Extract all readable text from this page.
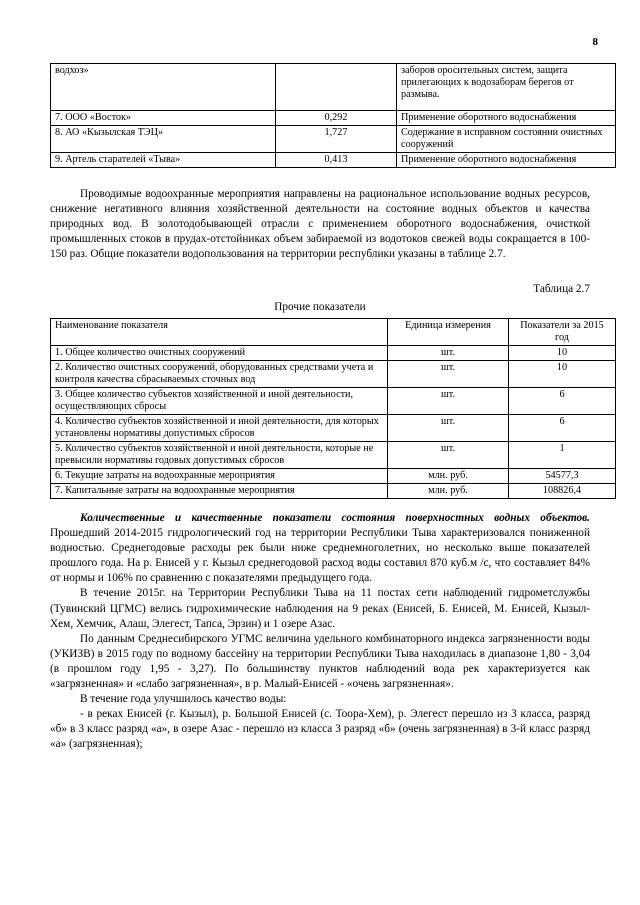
8
водхоз»		заборов оросительных систем, защита прилегающих к водозаборам берегов от размыва.
7. ООО «Восток»	0,292	Применение оборотного водоснабжения
8. АО «Кызылская ТЭЦ»	1,727	Содержание в исправном состоянии очистных сооружений
9. Артель старателей «Тыва»	0,413	Применение оборотного водоснабжения

Проводимые водоохранные мероприятия направлены на рациональное использование водных ресурсов, снижение негативного влияния хозяйственной деятельности на состояние водных объектов и качества природных вод. В золотодобывающей отрасли с применением оборотного водоснабжения, очисткой промышленных стоков в прудах-отстойниках объем забираемой из водотоков свежей воды сокращается в 100-150 раз. Общие показатели водопользования на территории республики указаны в таблице 2.7.

Таблица 2.7

Прочие показатели

Наименование показателя	Единица измерения	Показатели за 2015 год
1. Общее количество очистных сооружений	шт.	10
2. Количество очистных сооружений, оборудованных средствами учета и контроля качества сбрасываемых сточных вод	шт.	10
3. Общее количество субъектов хозяйственной и иной деятельности, осуществляющих сбросы	шт.	6
4. Количество субъектов хозяйственной и иной деятельности, для которых установлены нормативы допустимых сбросов	шт.	6
5. Количество субъектов хозяйственной и иной деятельности, которые не превысили нормативы годовых допустимых сбросов	шт.	1
6. Текущие затраты на водоохранные мероприятия	млн. руб.	54577,3
7. Капитальные затраты на водоохранные мероприятия	млн. руб.	108826,4

Количественные и качественные показатели состояния поверхностных водных объектов. Прошедший 2014-2015 гидрологический год на территории Республики Тыва характеризовался пониженной водностью. Среднегодовые расходы рек были ниже среднемноголетних, но несколько выше показателей прошлого года. На р. Енисей у г. Кызыл среднегодовой расход воды составил 870 куб.м /с, что составляет 84% от нормы и 106% по сравнению с показателями предыдущего года.

В течение 2015г. на Территории Республики Тыва на 11 постах сети наблюдений гидрометслужбы (Тувинский ЦГМС) велись гидрохимические наблюдения на 9 реках (Енисей, Б. Енисей, М. Енисей, Кызыл-Хем, Хемчик, Алаш, Элегест, Тапса, Эрзин) и 1 озере Азас.

По данным Среднесибирского УГМС величина удельного комбинаторного индекса загрязненности воды (УКИЗВ) в 2015 году по водному бассейну на территории Республики Тыва находилась в диапазоне 1,80 - 3,04 (в прошлом году 1,95 - 3,27). По большинству пунктов наблюдений вода рек характеризуется как «загрязненная» и «слабо загрязненная», в р. Малый-Енисей - «очень загрязненная».

В течение года улучшилось качество воды:

- в реках Енисей (г. Кызыл), р. Большой Енисей (с. Тоора-Хем), р. Элегест перешло из 3 класса, разряд «б» в 3 класс разряд «а», в озере Азас - перешло из класса 3 разряд «б» (очень загрязненная) в 3-й класс разряд «а» (загрязненная);
